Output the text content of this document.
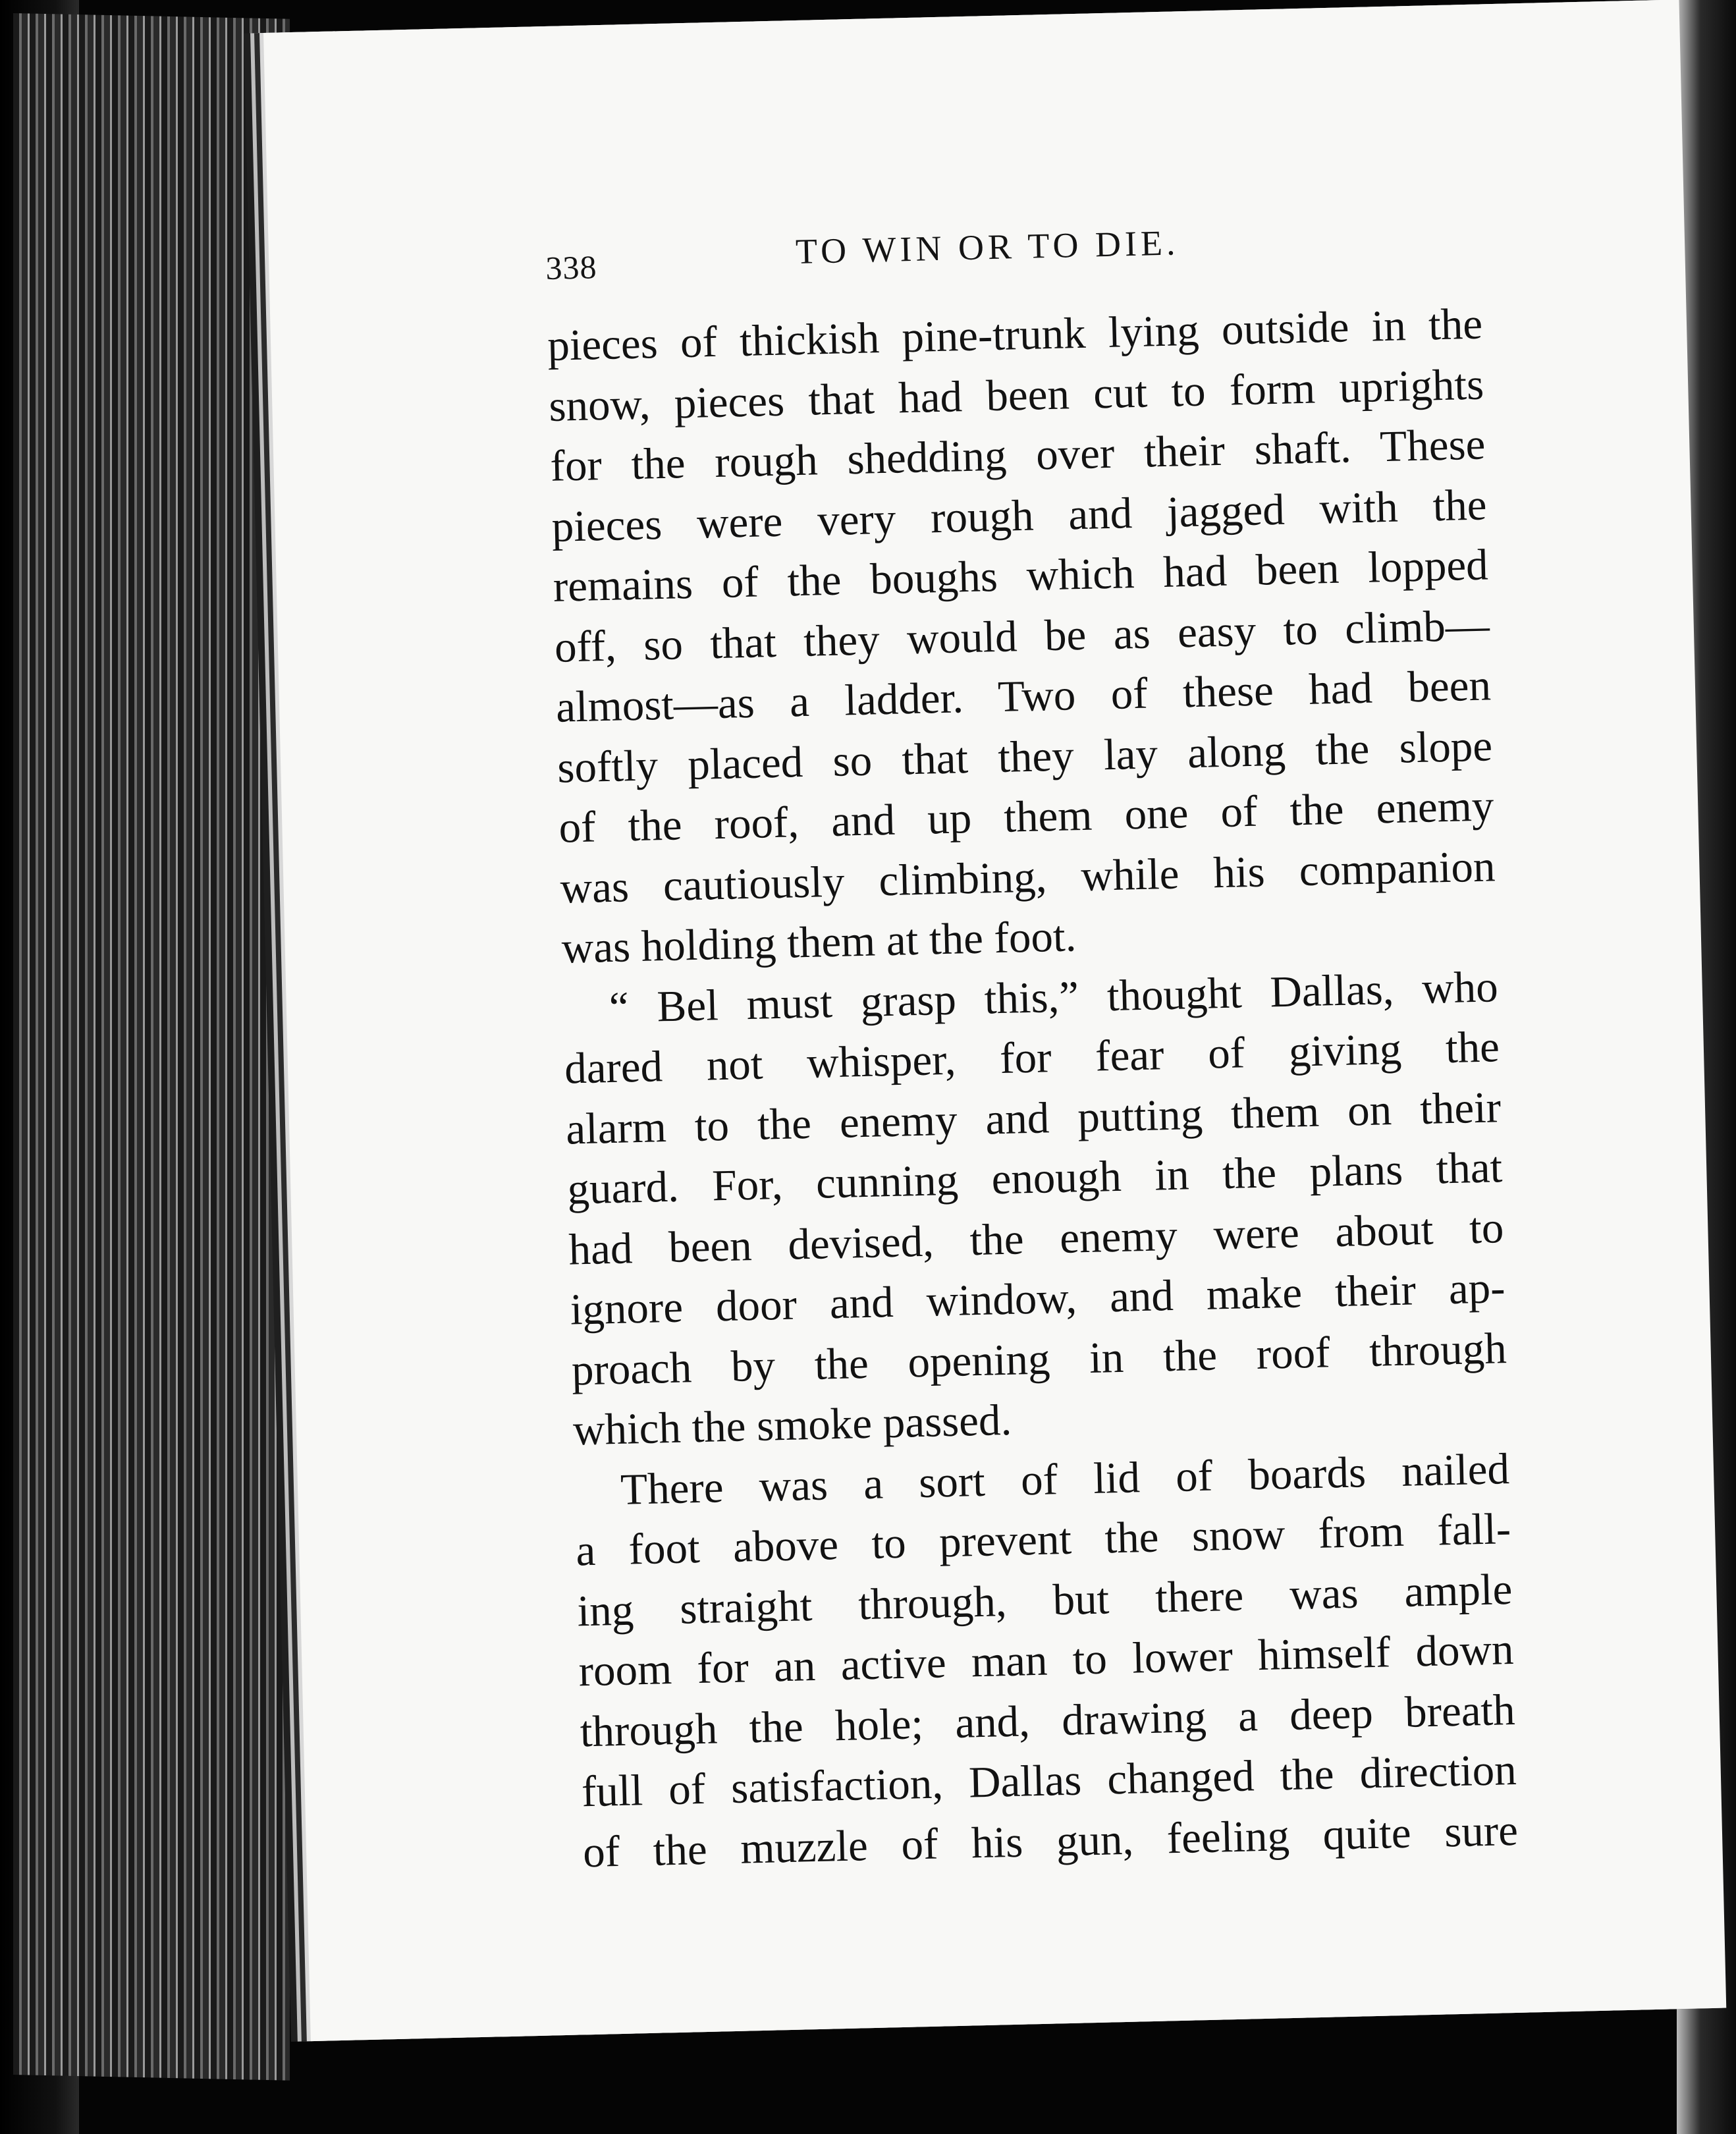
338	TO WIN OR TO DIE.

pieces of thickish pine-trunk lying outside in the
snow, pieces that had been cut to form uprights
for the rough shedding over their shaft. These
pieces were very rough and jagged with the
remains of the boughs which had been lopped
off, so that they would be as easy to climb—
almost—as a ladder. Two of these had been
softly placed so that they lay along the slope
of the roof, and up them one of the enemy
was cautiously climbing, while his companion
was holding them at the foot.

“ Bel must grasp this,” thought Dallas, who
dared not whisper, for fear of giving the
alarm to the enemy and putting them on their
guard. For, cunning enough in the plans that
had been devised, the enemy were about to
ignore door and window, and make their ap-
proach by the opening in the roof through
which the smoke passed.

There was a sort of lid of boards nailed
a foot above to prevent the snow from fall-
ing straight through, but there was ample
room for an active man to lower himself down
through the hole; and, drawing a deep breath
full of satisfaction, Dallas changed the direction
of the muzzle of his gun, feeling quite sure
